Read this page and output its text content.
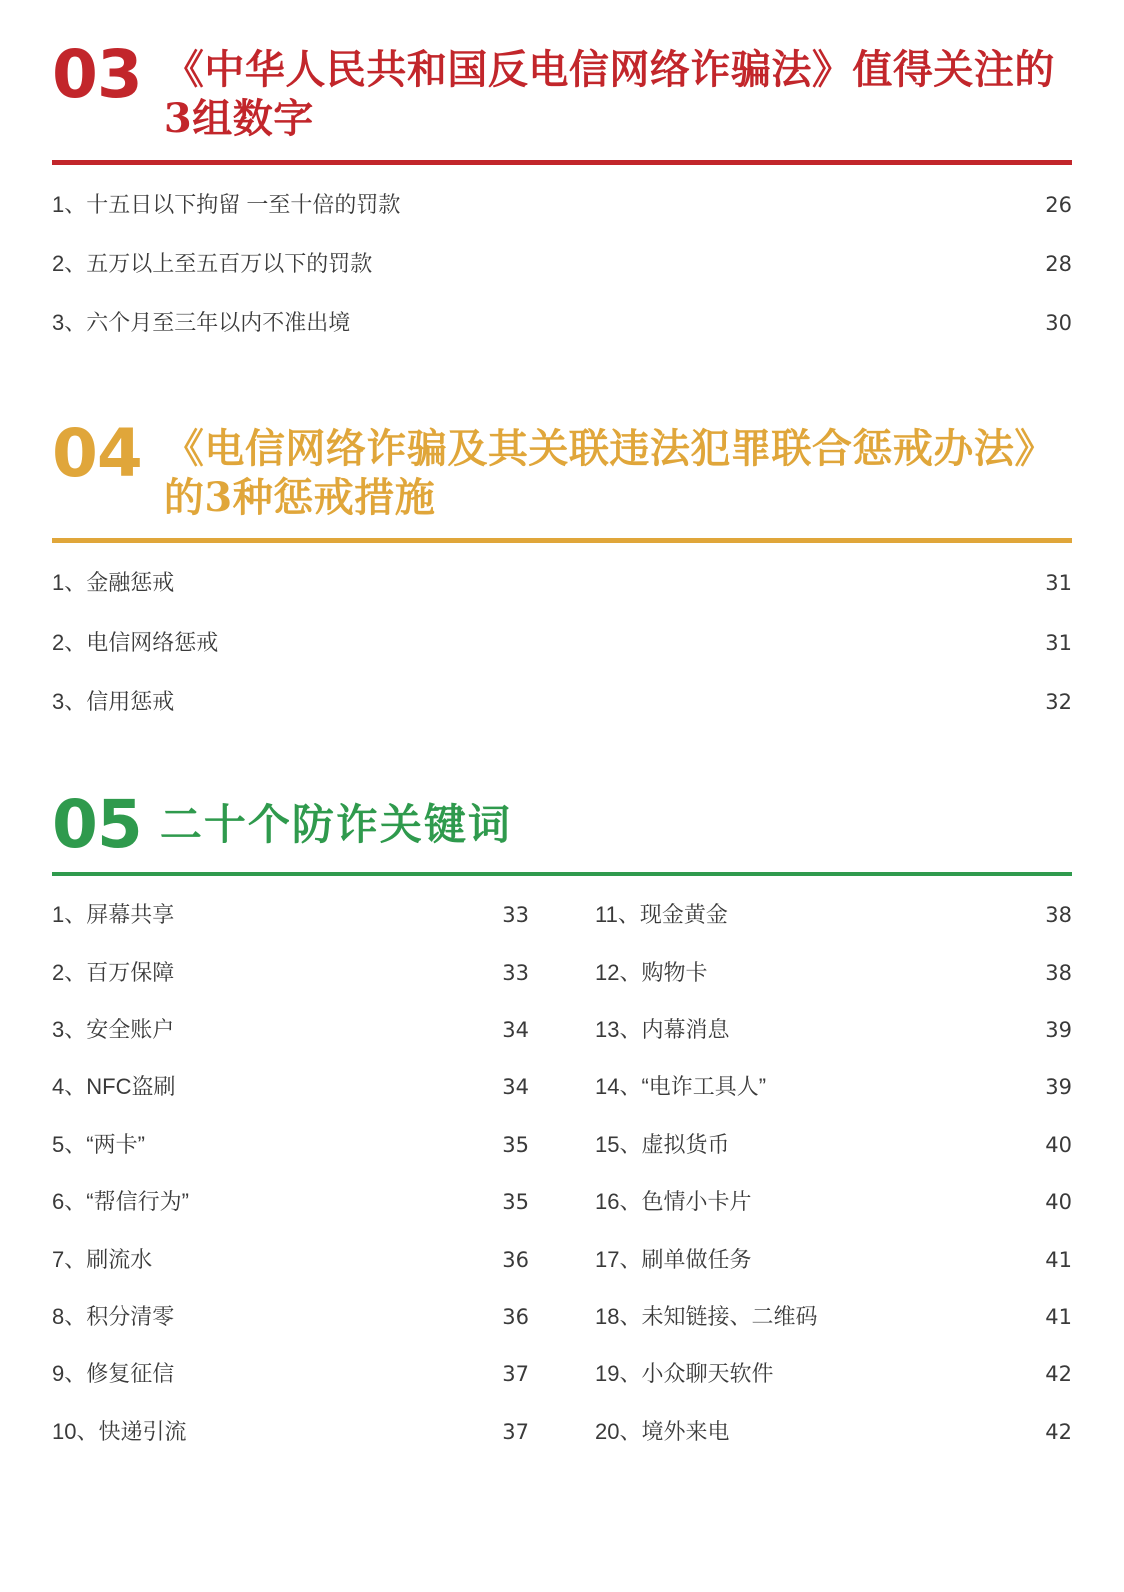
03 《中华人民共和国反电信网络诈骗法》值得关注的3组数字
1、十五日以下拘留 一至十倍的罚款	26
2、五万以上至五百万以下的罚款	28
3、六个月至三年以内不准出境	30
04 《电信网络诈骗及其关联违法犯罪联合惩戒办法》的3种惩戒措施
1、金融惩戒	31
2、电信网络惩戒	31
3、信用惩戒	32
05 二十个防诈关键词
1、屏幕共享	33
2、百万保障	33
3、安全账户	34
4、NFC盗刷	34
5、“两卡”	35
6、“帮信行为”	35
7、刷流水	36
8、积分清零	36
9、修复征信	37
10、快递引流	37
11、现金黄金	38
12、购物卡	38
13、内幕消息	39
14、“电诈工具人”	39
15、虚拟货币	40
16、色情小卡片	40
17、刷单做任务	41
18、未知链接、二维码	41
19、小众聊天软件	42
20、境外来电	42
